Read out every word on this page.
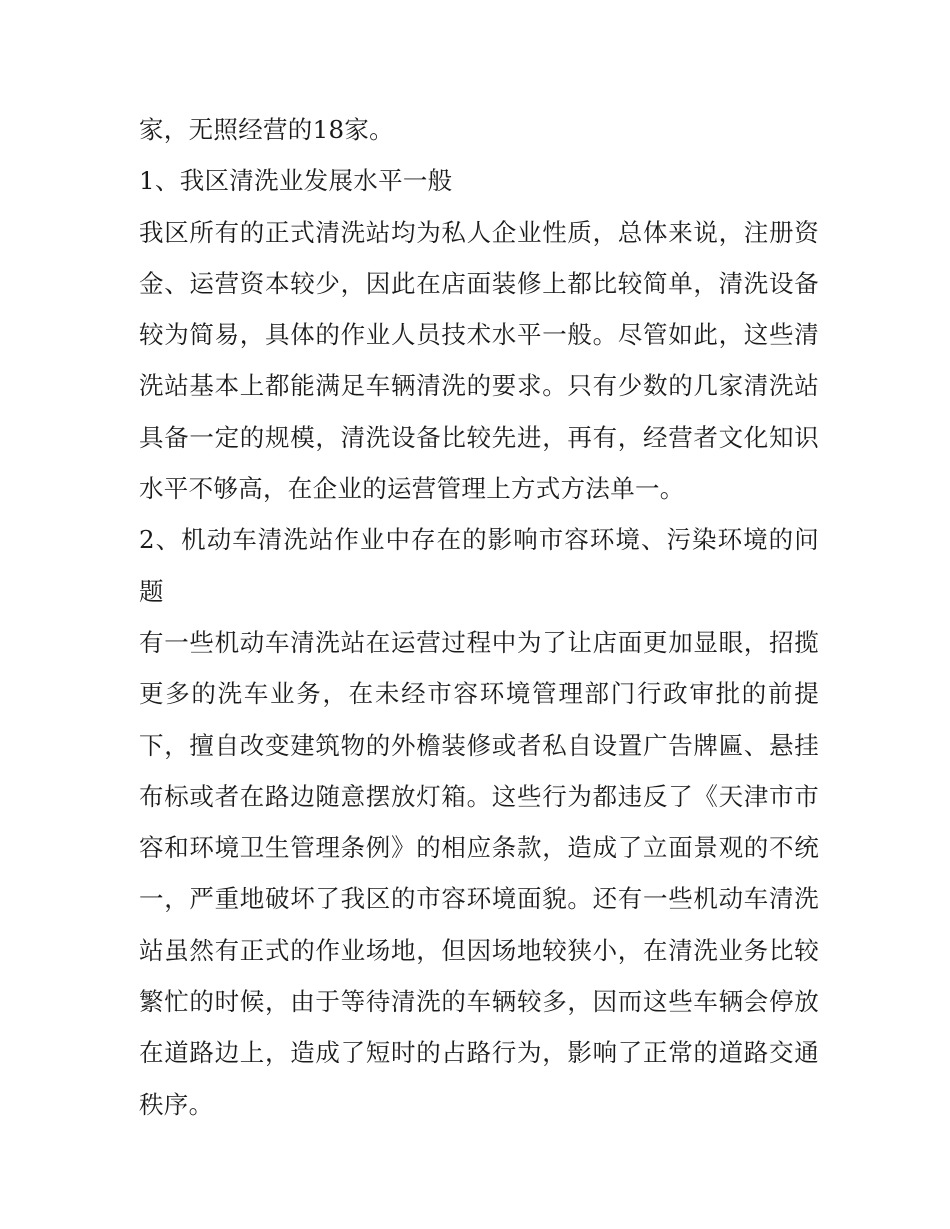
家，无照经营的18家。

1、我区清洗业发展水平一般

我区所有的正式清洗站均为私人企业性质，总体来说，注册资金、运营资本较少，因此在店面装修上都比较简单，清洗设备较为简易，具体的作业人员技术水平一般。尽管如此，这些清洗站基本上都能满足车辆清洗的要求。只有少数的几家清洗站具备一定的规模，清洗设备比较先进，再有，经营者文化知识水平不够高，在企业的运营管理上方式方法单一。

2、机动车清洗站作业中存在的影响市容环境、污染环境的问题

有一些机动车清洗站在运营过程中为了让店面更加显眼，招揽更多的洗车业务，在未经市容环境管理部门行政审批的前提下，擅自改变建筑物的外檐装修或者私自设置广告牌匾、悬挂布标或者在路边随意摆放灯箱。这些行为都违反了《天津市市容和环境卫生管理条例》的相应条款，造成了立面景观的不统一，严重地破坏了我区的市容环境面貌。还有一些机动车清洗站虽然有正式的作业场地，但因场地较狭小，在清洗业务比较繁忙的时候，由于等待清洗的车辆较多，因而这些车辆会停放在道路边上，造成了短时的占路行为，影响了正常的道路交通秩序。
